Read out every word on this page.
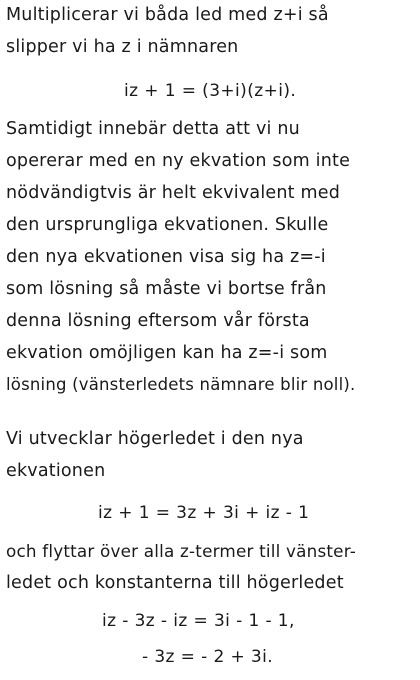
Multiplicerar vi båda led med z+i så
slipper vi ha z i nämnaren
iz + 1 = (3+i)(z+i).
Samtidigt innebär detta att vi nu
opererar med en ny ekvation som inte
nödvändigtvis är helt ekvivalent med
den ursprungliga ekvationen. Skulle
den nya ekvationen visa sig ha z=-i
som lösning så måste vi bortse från
denna lösning eftersom vår första
ekvation omöjligen kan ha z=-i som
lösning (vänsterledets nämnare blir noll).
Vi utvecklar högerledet i den nya
ekvationen
iz + 1 = 3z + 3i + iz - 1
och flyttar över alla z-termer till vänster-
ledet och konstanterna till högerledet
iz - 3z - iz = 3i - 1 - 1,
- 3z = - 2 + 3i.
